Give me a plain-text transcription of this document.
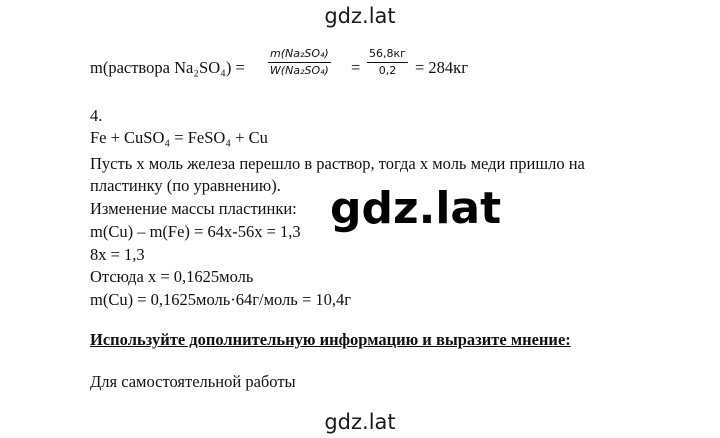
gdz.lat
m(раствора $Na_2SO_4) = \frac{\text{m(Na₂SO₄)}}{\text{W(Na₂SO₄)}}$ =
56,8кг
0,2	= 284кг
4.
Fe + CuSO₄ = FeSO₄ + Cu
Пусть х моль железа перешло в раствор, тогда х моль меди пришло на
пластинку (по уравнению).
Изменение массы пластинки:
m(Cu) – m(Fe) = 64x-56x = 1,3
8x = 1,3
Отсюда х = 0,1625моль
m(Cu) = 0,1625моль·64г/моль = 10,4г
Используйте дополнительную информацию и выразите мнение:
Для самостоятельной работы
gdz.lat
gdz.lat
